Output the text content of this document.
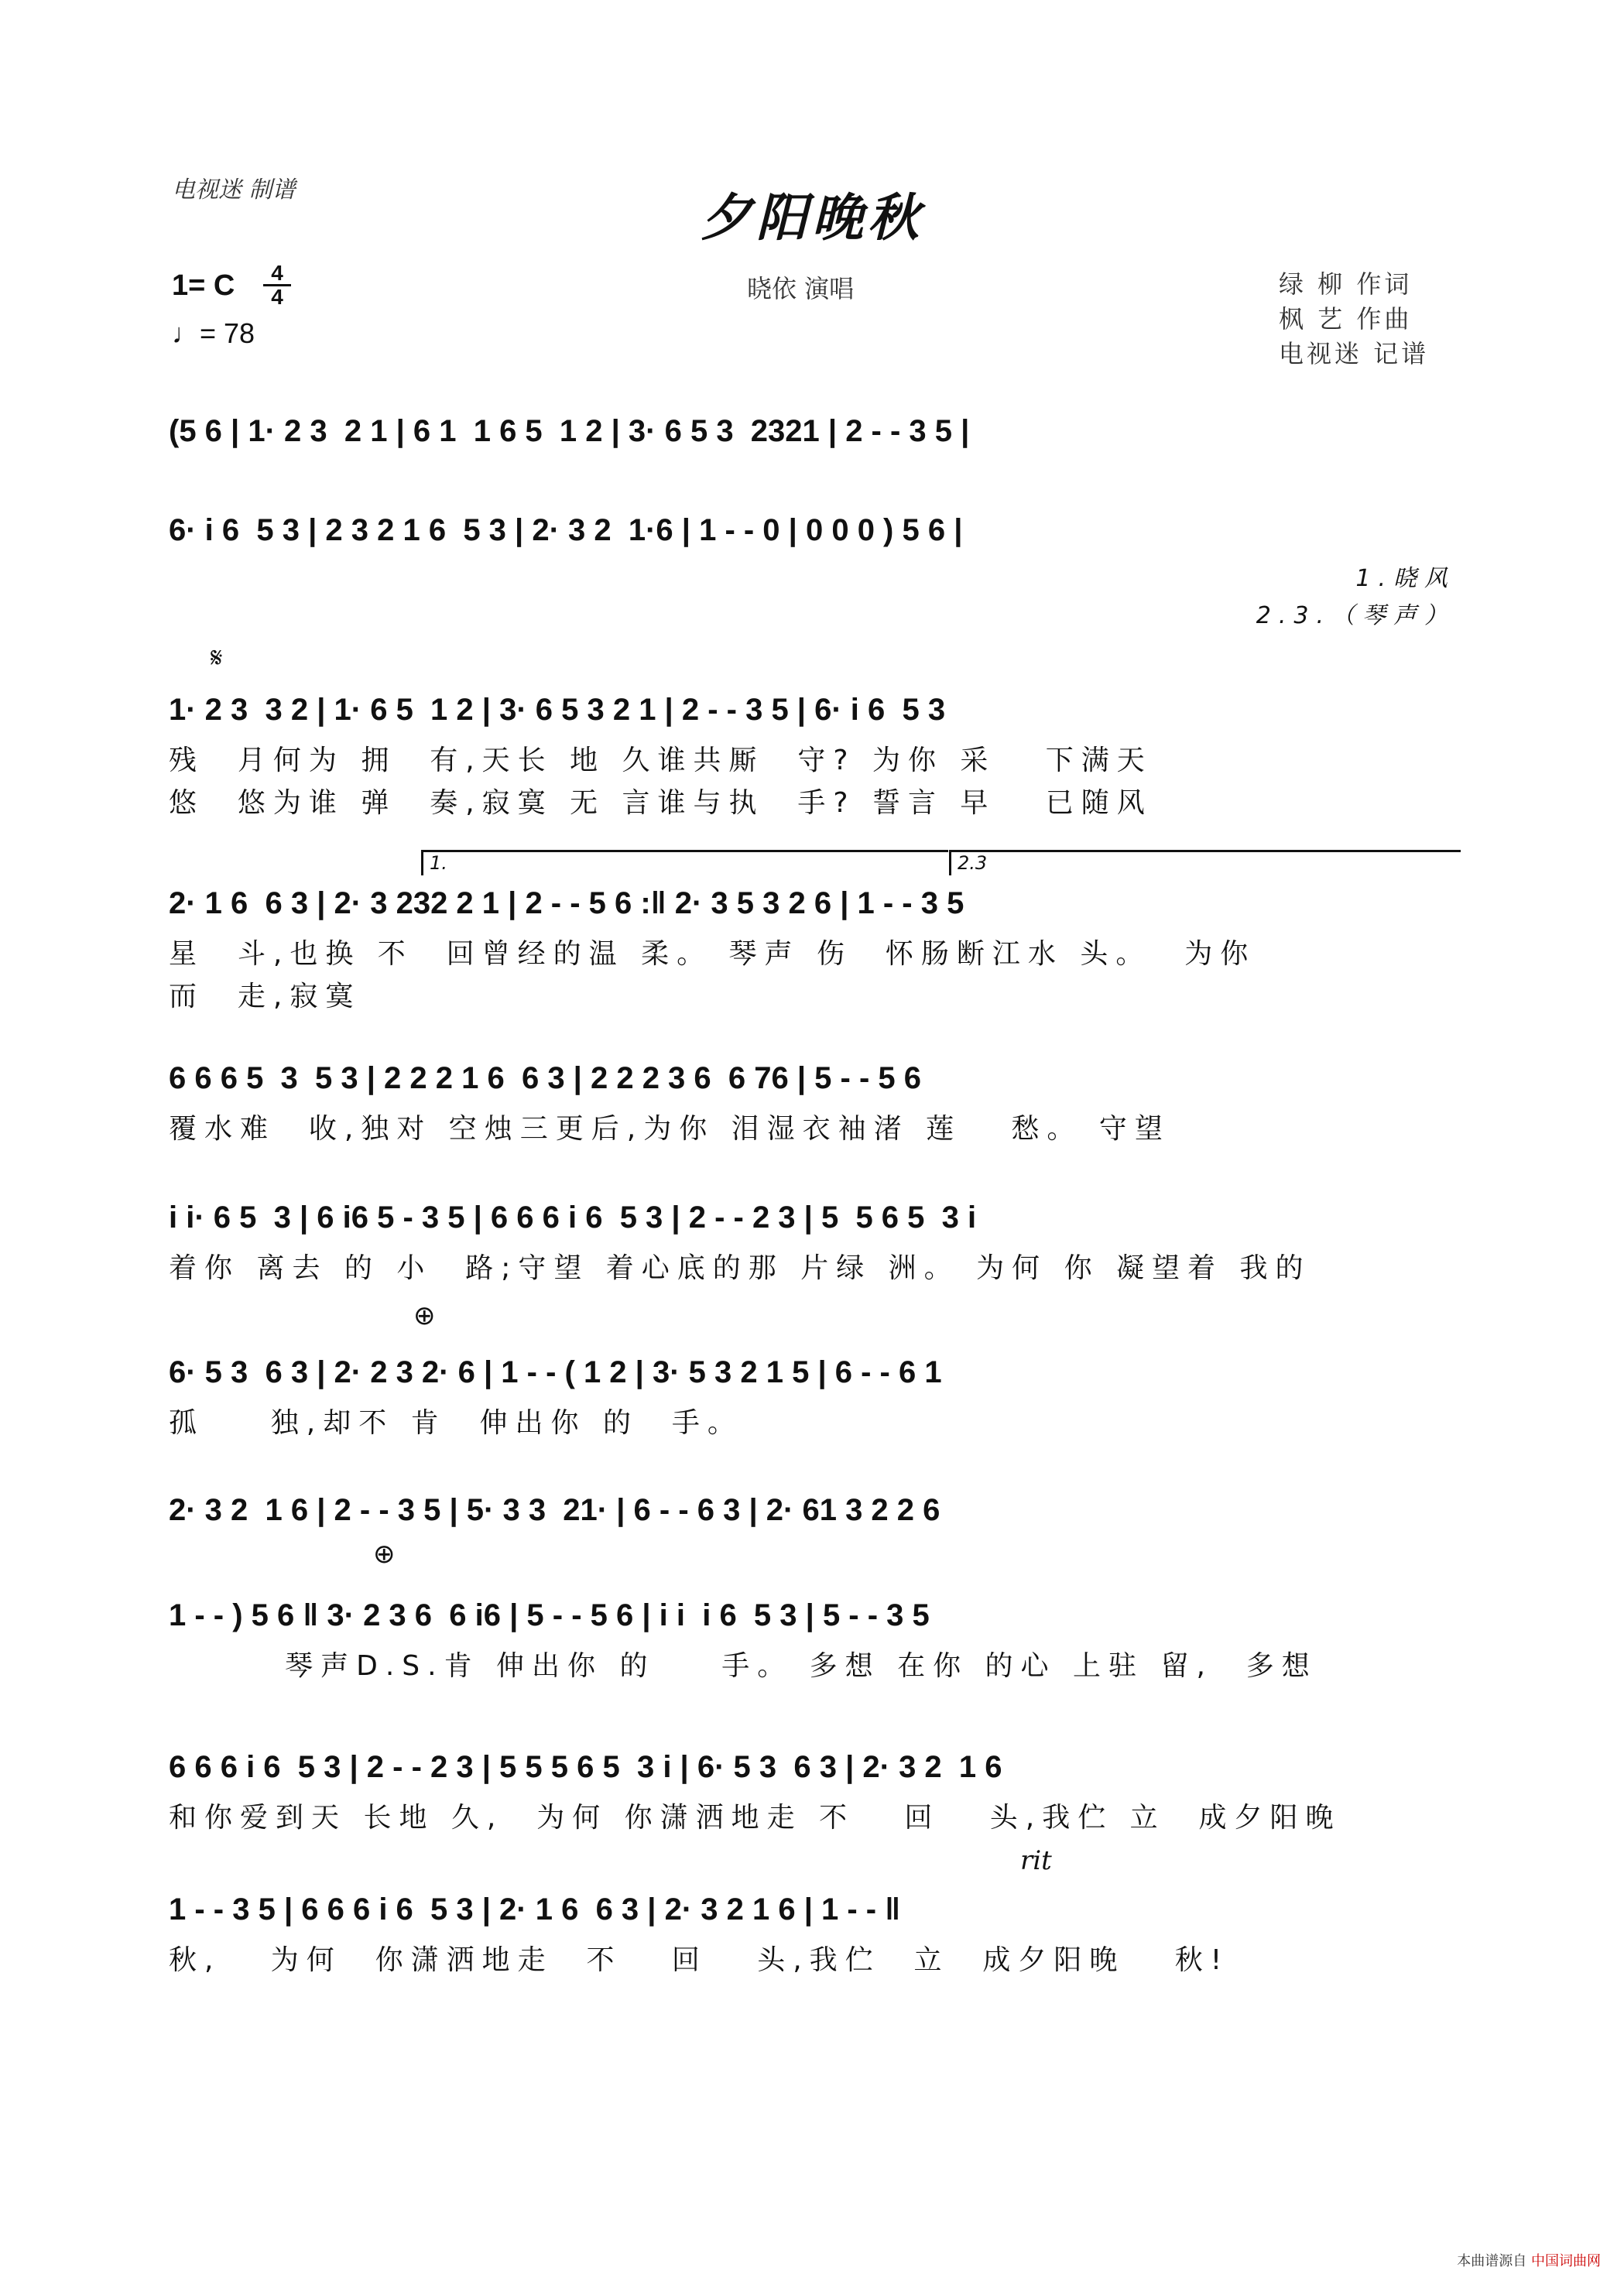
电视迷 制谱	夕阳晚秋
1= C	4
4
♩= 78
晓依 演唱	绿 柳 作词
枫 艺 作曲
电视迷 记谱
𝄋
1.	2.3
⊕
⊕
rit
(5 6 | 1· 2 3  2 1 | 6 1  1 6 5  1 2 | 3· 6 5 3  2321 | 2 - - 3 5 |
6· i 6  5 3 | 2 3 2 1 6  5 3 | 2· 3 2  1·6 | 1 - - 0 | 0 0 0 ) 5 6 |
1.晓风
2.3.（琴声）
1· 2 3  3 2 | 1· 6 5  1 2 | 3· 6 5 3 2 1 | 2 - - 3 5 | 6· i 6  5 3
残  月何为 拥  有,天长 地 久谁共厮  守? 为你 采   下满天
悠  悠为谁 弹  奏,寂寞 无 言谁与执  手? 誓言 早   已随风
2· 1 6  6 3 | 2· 3 232 2 1 | 2 - - 5 6 :‖ 2· 3 5 3 2 6 | 1 - - 3 5
星  斗,也换 不  回曾经的温 柔。 琴声 伤  怀肠断江水 头。  为你
而  走,寂寞
6 6 6 5  3  5 3 | 2 2 2 1 6  6 3 | 2 2 2 3 6  6 76 | 5 - - 5 6
覆水难  收,独对 空烛三更后,为你 泪湿衣袖渚 莲   愁。 守望
i i· 6 5  3 | 6 i6 5 - 3 5 | 6 6 6 i 6  5 3 | 2 - - 2 3 | 5  5 6 5  3 i
着你 离去 的 小  路;守望 着心底的那 片绿 洲。 为何 你 凝望着 我的
6· 5 3  6 3 | 2· 2 3 2· 6 | 1 - - ( 1 2 | 3· 5 3 2 1 5 | 6 - - 6 1
孤    独,却不 肯  伸出你 的  手。
2· 3 2  1 6 | 2 - - 3 5 | 5· 3 3  21· | 6 - - 6 3 | 2· 61 3 2 2 6
1 - - ) 5 6 ‖ 3· 2 3 6  6 i6 | 5 - - 5 6 | i i  i 6  5 3 | 5 - - 3 5
琴声D.S.肯 伸出你 的    手。 多想 在你 的心 上驻 留,  多想
6 6 6 i 6  5 3 | 2 - - 2 3 | 5 5 5 6 5  3 i | 6· 5 3  6 3 | 2· 3 2  1 6
和你爱到天 长地 久,  为何 你潇洒地走 不   回   头,我伫 立  成夕阳晚
1 - - 3 5 | 6 6 6 i 6  5 3 | 2· 1 6  6 3 | 2· 3 2 1 6 | 1 - - ‖
秋,   为何  你潇洒地走  不   回   头,我伫  立  成夕阳晚   秋!
本曲谱源自 中国词曲网
